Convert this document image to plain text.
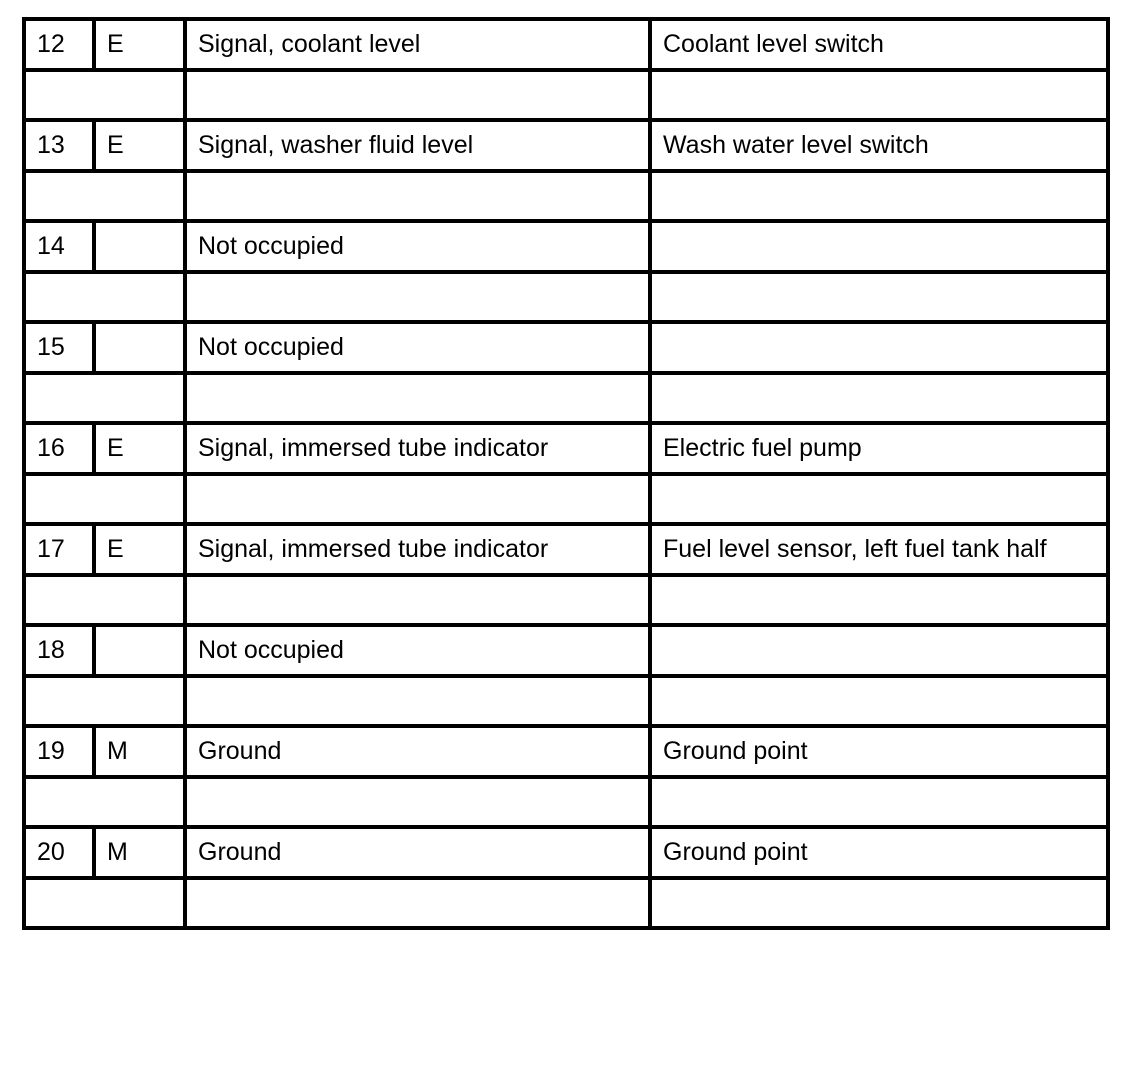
12	E	Signal, coolant level	Coolant level switch

13	E	Signal, washer fluid level	Wash water level switch

14		Not occupied	

15		Not occupied	

16	E	Signal, immersed tube indicator	Electric fuel pump

17	E	Signal, immersed tube indicator	Fuel level sensor, left fuel tank half

18		Not occupied	

19	M	Ground	Ground point

20	M	Ground	Ground point
